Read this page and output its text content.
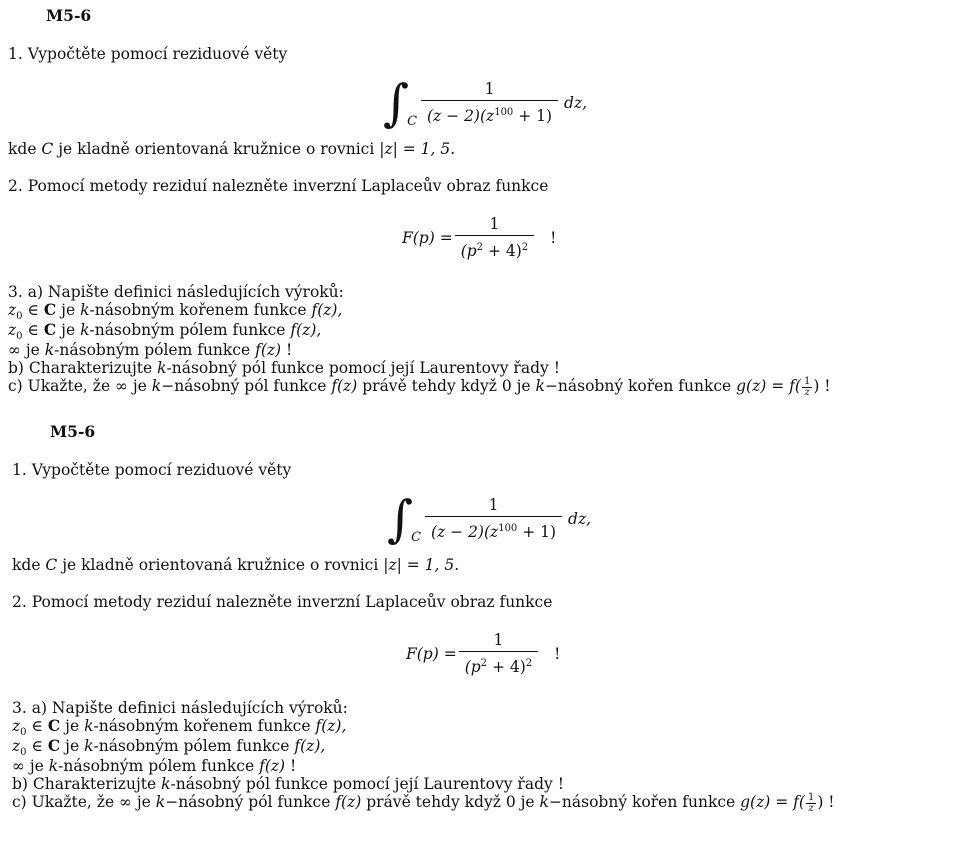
M5-6
1. Vypočtěte pomocí reziduové věty
∫
C $\frac{1}{(z - 2)(z^{100} + 1)}$ dz,
kde C je kladně orientovaná kružnice o rovnici |z| = 1, 5.
2. Pomocí metody reziduí nalezněte inverzní Laplaceův obraz funkce
$F(p) = \frac{1}{(p^2 + 4)^2}$ !
3. a) Napište definici následujících výroků:
$z_0$ ∈ C je k-násobným kořenem funkce f(z),
$z_0$ ∈ C je k-násobným pólem funkce f(z),
∞ je k-násobným pólem funkce f(z) !
b) Charakterizujte k-násobný pól funkce pomocí její Laurentovy řady !
c) Ukažte, že ∞ je k−násobný pól funkce f(z) právě tehdy když 0 je k−násobný kořen funkce $g(z) = f( \frac{1}{z}$ ) !
M5-6
1. Vypočtěte pomocí reziduové věty
∫
C $\frac{1}{(z - 2)(z^{100} + 1)}$ dz,
kde C je kladně orientovaná kružnice o rovnici |z| = 1, 5.
2. Pomocí metody reziduí nalezněte inverzní Laplaceův obraz funkce
$F(p) = \frac{1}{(p^2 + 4)^2}$ !
3. a) Napište definici následujících výroků:
$z_0$ ∈ C je k-násobným kořenem funkce f(z),
$z_0$ ∈ C je k-násobným pólem funkce f(z),
∞ je k-násobným pólem funkce f(z) !
b) Charakterizujte k-násobný pól funkce pomocí její Laurentovy řady !
c) Ukažte, že ∞ je k−násobný pól funkce f(z) právě tehdy když 0 je k−násobný kořen funkce $g(z) = f( \frac{1}{z}$ ) !
